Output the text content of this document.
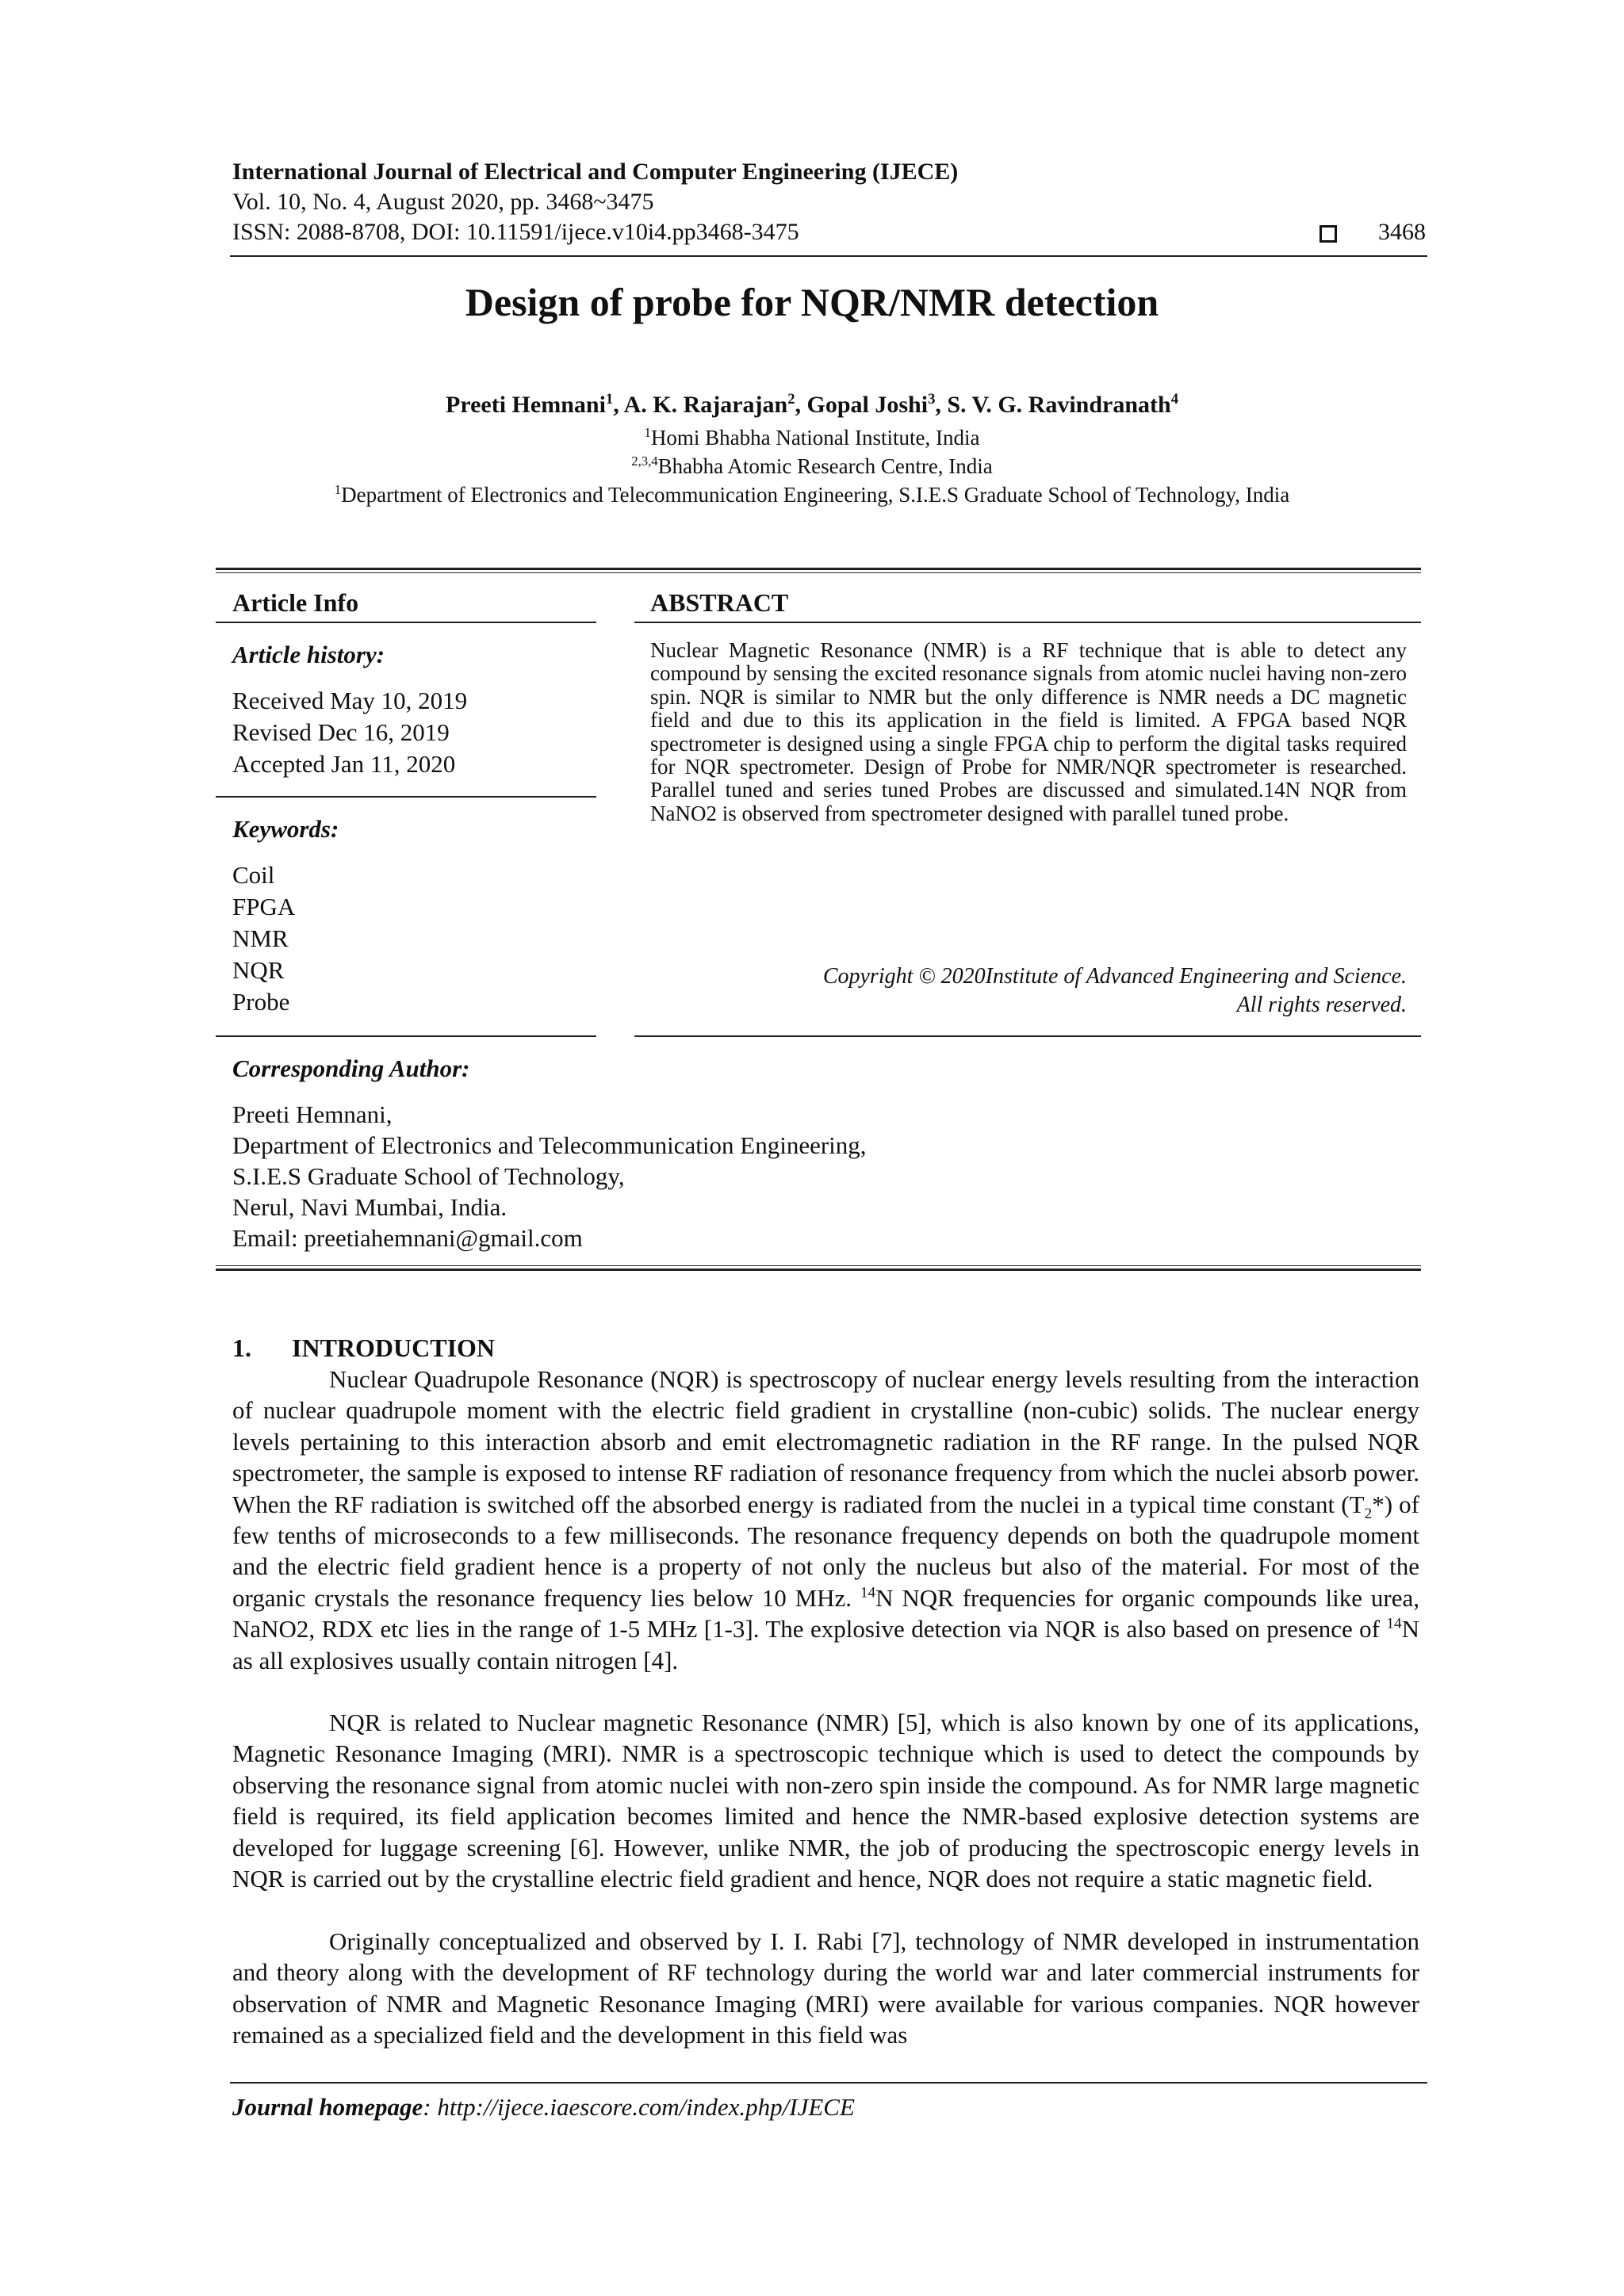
International Journal of Electrical and Computer Engineering (IJECE)
Vol. 10, No. 4, August 2020, pp. 3468~3475
ISSN: 2088-8708, DOI: 10.11591/ijece.v10i4.pp3468-3475	3468
Design of probe for NQR/NMR detection
Preeti Hemnani$^1$, A. K. Rajarajan$^2$, Gopal Joshi$^3$, S. V. G. Ravindranath$^4$
$^1$Homi Bhabha National Institute, India
$^{2,3,4}$Bhabha Atomic Research Centre, India
$^1$Department of Electronics and Telecommunication Engineering, S.I.E.S Graduate School of Technology, India
Article Info
Article history:
Received May 10, 2019
Revised Dec 16, 2019
Accepted Jan 11, 2020
Keywords:
Coil
FPGA
NMR
NQR
Probe
ABSTRACT
Nuclear Magnetic Resonance (NMR) is a RF technique that is able to detect any compound by sensing the excited resonance signals from atomic nuclei having non-zero spin. NQR is similar to NMR but the only difference is NMR needs a DC magnetic field and due to this its application in the field is limited. A FPGA based NQR spectrometer is designed using a single FPGA chip to perform the digital tasks required for NQR spectrometer. Design of Probe for NMR/NQR spectrometer is researched. Parallel tuned and series tuned Probes are discussed and simulated.14N NQR from NaNO2 is observed from spectrometer designed with parallel tuned probe.
Copyright © 2020Institute of Advanced Engineering and Science.
All rights reserved.
Corresponding Author:
Preeti Hemnani,
Department of Electronics and Telecommunication Engineering,
S.I.E.S Graduate School of Technology,
Nerul, Navi Mumbai, India.
Email: preetiahemnani@gmail.com
1. INTRODUCTION
Nuclear Quadrupole Resonance (NQR) is spectroscopy of nuclear energy levels resulting from the interaction of nuclear quadrupole moment with the electric field gradient in crystalline (non-cubic) solids. The nuclear energy levels pertaining to this interaction absorb and emit electromagnetic radiation in the RF range. In the pulsed NQR spectrometer, the sample is exposed to intense RF radiation of resonance frequency from which the nuclei absorb power. When the RF radiation is switched off the absorbed energy is radiated from the nuclei in a typical time constant $(T_2*)$ of few tenths of microseconds to a few milliseconds. The resonance frequency depends on both the quadrupole moment and the electric field gradient hence is a property of not only the nucleus but also of the material. For most of the organic crystals the resonance frequency lies below 10 MHz. $^{14}$N NQR frequencies for organic compounds like urea, NaNO2, RDX etc lies in the range of 1-5 MHz [1-3]. The explosive detection via NQR is also based on presence of $^{14}$N as all explosives usually contain nitrogen [4].
NQR is related to Nuclear magnetic Resonance (NMR) [5], which is also known by one of its applications, Magnetic Resonance Imaging (MRI). NMR is a spectroscopic technique which is used to detect the compounds by observing the resonance signal from atomic nuclei with non-zero spin inside the compound. As for NMR large magnetic field is required, its field application becomes limited and hence the NMR-based explosive detection systems are developed for luggage screening [6]. However, unlike NMR, the job of producing the spectroscopic energy levels in NQR is carried out by the crystalline electric field gradient and hence, NQR does not require a static magnetic field.
Originally conceptualized and observed by I. I. Rabi [7], technology of NMR developed in instrumentation and theory along with the development of RF technology during the world war and later commercial instruments for observation of NMR and Magnetic Resonance Imaging (MRI) were available for various companies. NQR however remained as a specialized field and the development in this field was
Journal homepage: http://ijece.iaescore.com/index.php/IJECE
